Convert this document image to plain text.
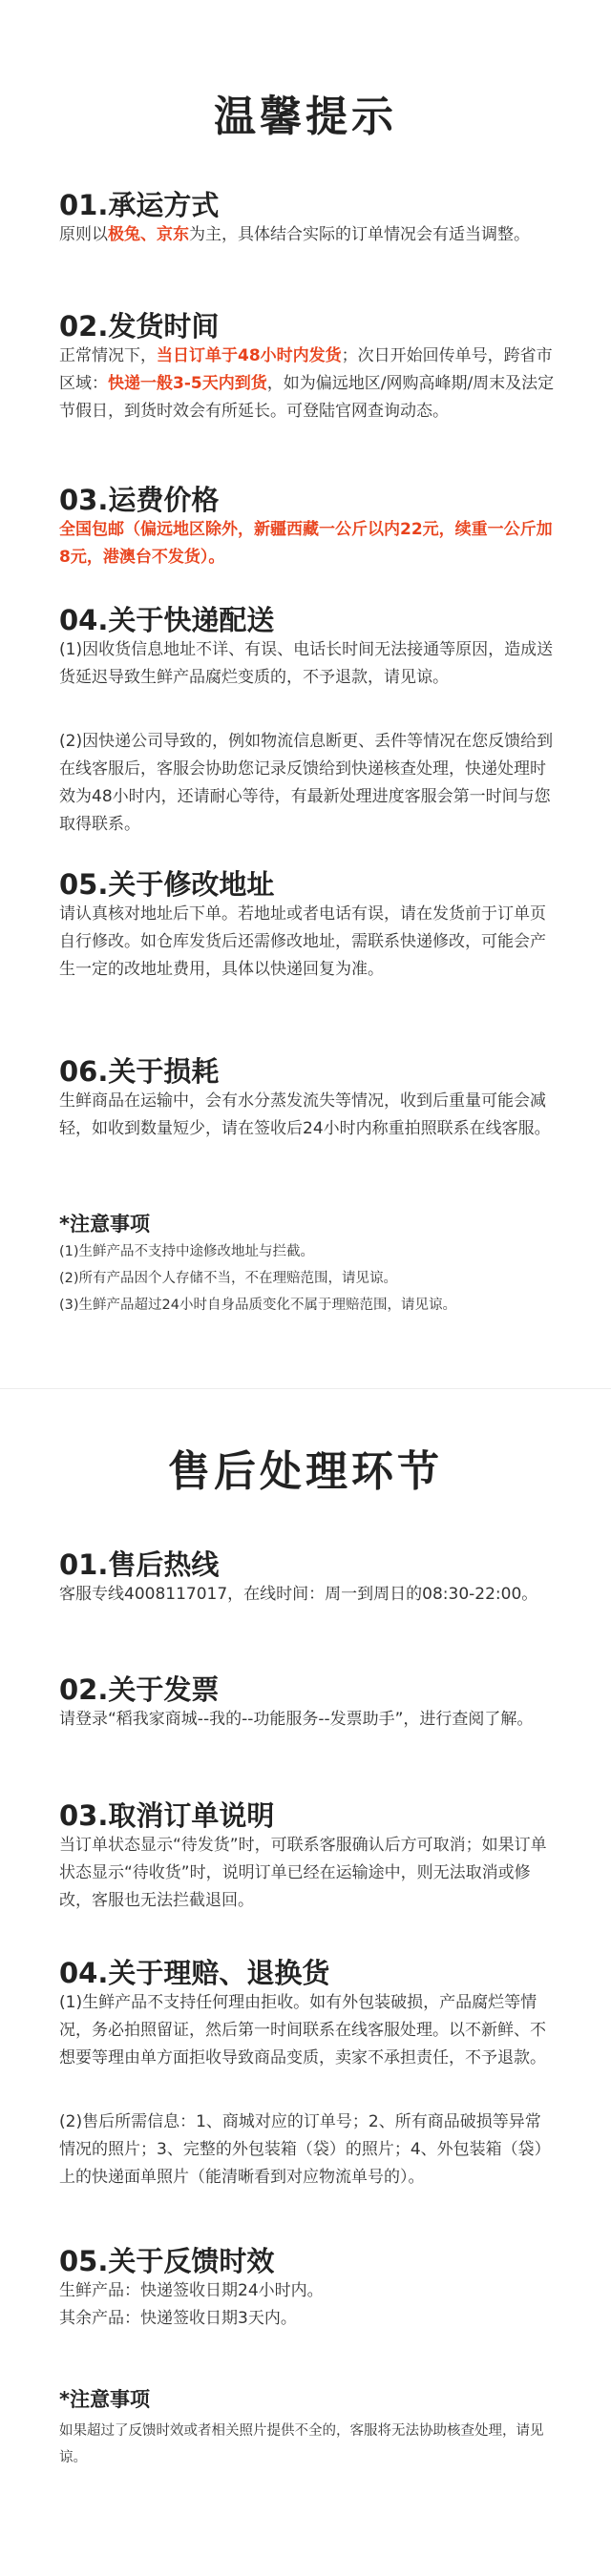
温馨提示
01.承运方式

原则以极兔、京东为主，具体结合实际的订单情况会有适当调整。

02.发货时间

正常情况下，当日订单于48小时内发货；次日开始回传单号，跨省市区域：快递一般3-5天内到货，如为偏远地区/网购高峰期/周末及法定节假日，到货时效会有所延长。可登陆官网查询动态。

03.运费价格

全国包邮（偏远地区除外，新疆西藏一公斤以内22元，续重一公斤加8元，港澳台不发货）。

04.关于快递配送

(1)因收货信息地址不详、有误、电话长时间无法接通等原因，造成送货延迟导致生鲜产品腐烂变质的，不予退款，请见谅。

(2)因快递公司导致的，例如物流信息断更、丢件等情况在您反馈给到在线客服后，客服会协助您记录反馈给到快递核查处理，快递处理时效为48小时内，还请耐心等待，有最新处理进度客服会第一时间与您取得联系。

05.关于修改地址

请认真核对地址后下单。若地址或者电话有误，请在发货前于订单页自行修改。如仓库发货后还需修改地址，需联系快递修改，可能会产生一定的改地址费用，具体以快递回复为准。

06.关于损耗

生鲜商品在运输中，会有水分蒸发流失等情况，收到后重量可能会减轻，如收到数量短少，请在签收后24小时内称重拍照联系在线客服。

*注意事项

(1)生鲜产品不支持中途修改地址与拦截。

(2)所有产品因个人存储不当，不在理赔范围，请见谅。

(3)生鲜产品超过24小时自身品质变化不属于理赔范围，请见谅。

售后处理环节
01.售后热线

客服专线4008117017，在线时间：周一到周日的08:30-22:00。

02.关于发票

请登录“稻我家商城--我的--功能服务--发票助手”，进行查阅了解。

03.取消订单说明

当订单状态显示“待发货”时，可联系客服确认后方可取消；如果订单状态显示“待收货”时，说明订单已经在运输途中，则无法取消或修改，客服也无法拦截退回。

04.关于理赔、退换货

(1)生鲜产品不支持任何理由拒收。如有外包装破损，产品腐烂等情况，务必拍照留证，然后第一时间联系在线客服处理。以不新鲜、不想要等理由单方面拒收导致商品变质，卖家不承担责任，不予退款。

(2)售后所需信息：1、商城对应的订单号；2、所有商品破损等异常情况的照片；3、完整的外包装箱（袋）的照片；4、外包装箱（袋）上的快递面单照片（能清晰看到对应物流单号的）。

05.关于反馈时效

生鲜产品：快递签收日期24小时内。

其余产品：快递签收日期3天内。

*注意事项

如果超过了反馈时效或者相关照片提供不全的，客服将无法协助核查处理，请见谅。
